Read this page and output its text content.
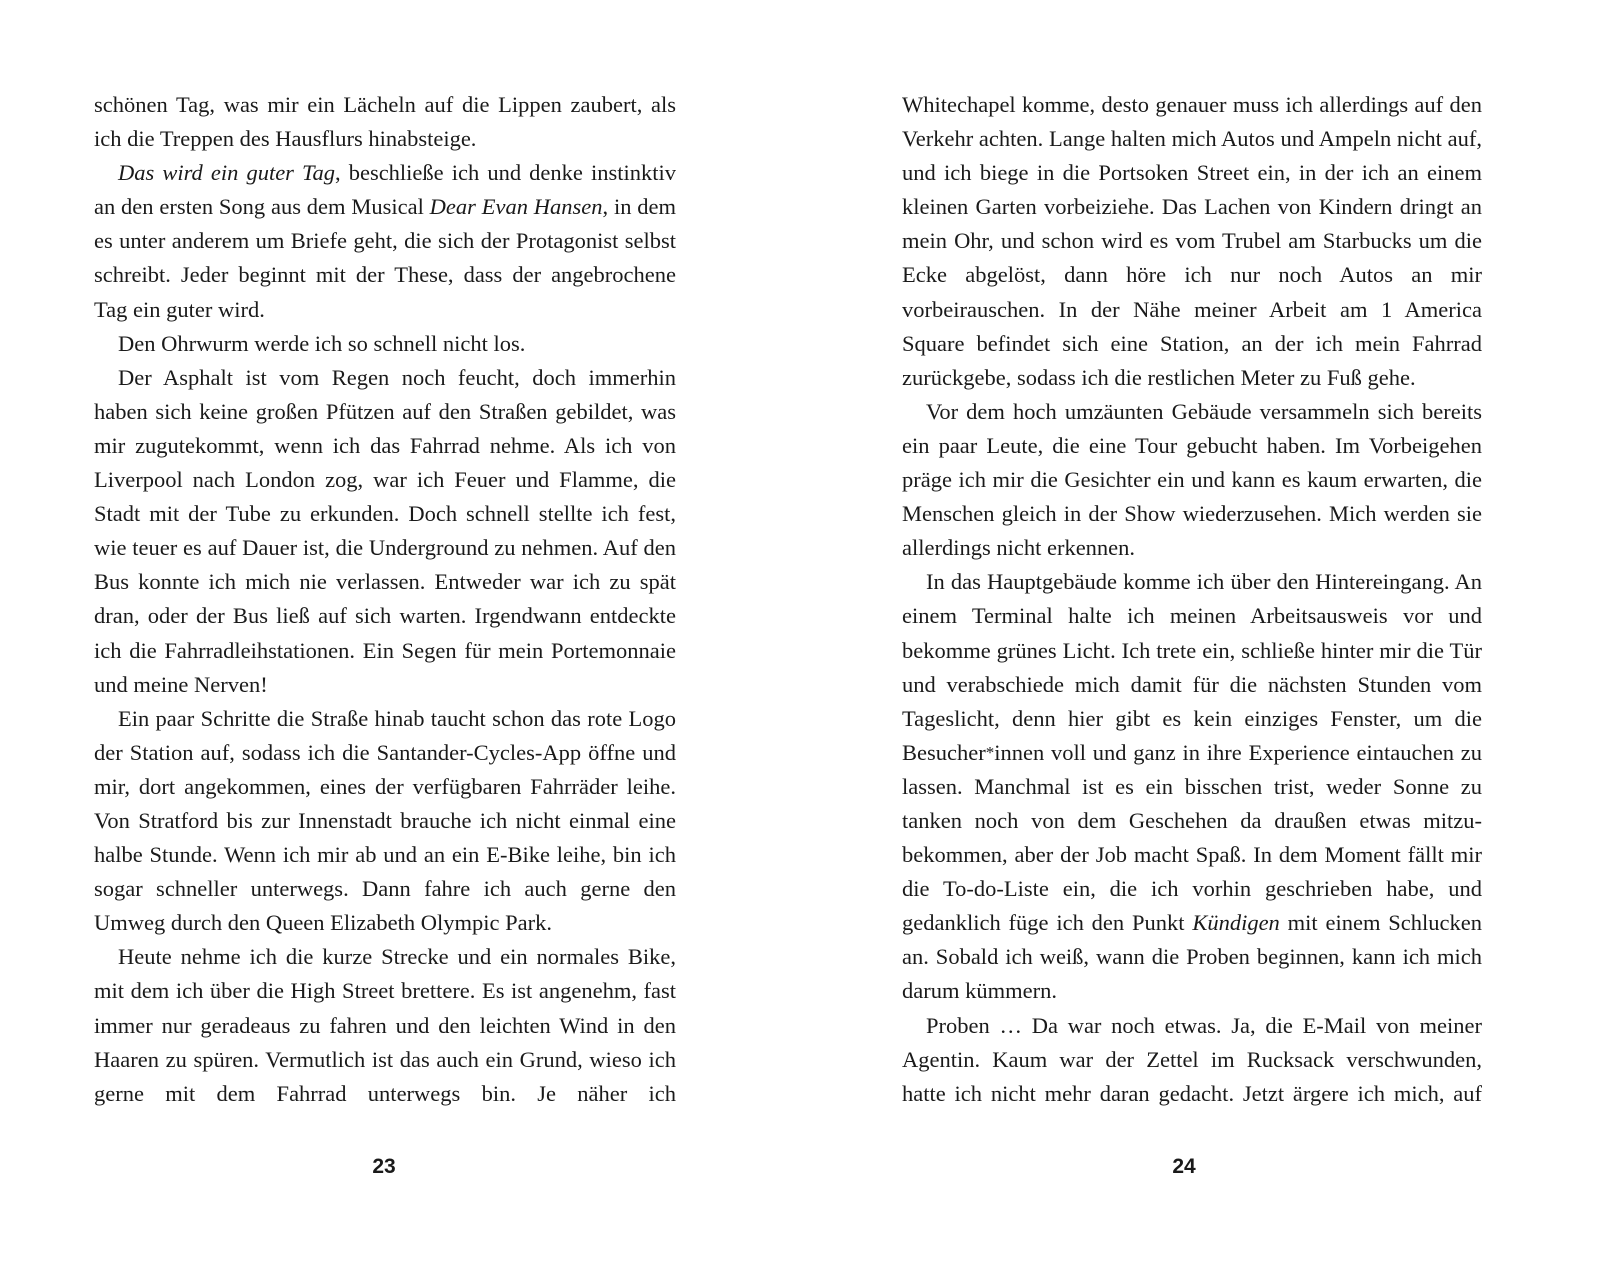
schönen Tag, was mir ein Lächeln auf die Lippen zaubert, als ich die Treppen des Hausflurs hinabsteige.

Das wird ein guter Tag, beschließe ich und denke instinktiv an den ersten Song aus dem Musical Dear Evan Hansen, in dem es unter anderem um Briefe geht, die sich der Protagonist selbst schreibt. Jeder beginnt mit der These, dass der angebrochene Tag ein guter wird.

Den Ohrwurm werde ich so schnell nicht los.

Der Asphalt ist vom Regen noch feucht, doch immerhin haben sich keine großen Pfützen auf den Straßen gebildet, was mir zugutekommt, wenn ich das Fahrrad nehme. Als ich von Liverpool nach London zog, war ich Feuer und Flamme, die Stadt mit der Tube zu erkunden. Doch schnell stellte ich fest, wie teuer es auf Dauer ist, die Underground zu nehmen. Auf den Bus konnte ich mich nie verlassen. Entweder war ich zu spät dran, oder der Bus ließ auf sich warten. Irgendwann entdeckte ich die Fahrradleihstationen. Ein Segen für mein Portemonnaie und meine Nerven!

Ein paar Schritte die Straße hinab taucht schon das rote Logo der Station auf, sodass ich die Santander-Cycles-App öffne und mir, dort angekommen, eines der verfügbaren Fahrräder leihe. Von Stratford bis zur Innenstadt brauche ich nicht einmal eine halbe Stunde. Wenn ich mir ab und an ein E-Bike leihe, bin ich sogar schneller unterwegs. Dann fahre ich auch gerne den Umweg durch den Queen Elizabeth Olympic Park.

Heute nehme ich die kurze Strecke und ein normales Bike, mit dem ich über die High Street brettere. Es ist angenehm, fast immer nur geradeaus zu fahren und den leichten Wind in den Haaren zu spüren. Vermutlich ist das auch ein Grund, wieso ich gerne mit dem Fahrrad unterwegs bin. Je näher ich

23

Whitechapel komme, desto genauer muss ich allerdings auf den Verkehr achten. Lange halten mich Autos und Ampeln nicht auf, und ich biege in die Portsoken Street ein, in der ich an einem kleinen Garten vorbeiziehe. Das Lachen von Kindern dringt an mein Ohr, und schon wird es vom Trubel am Starbucks um die Ecke abgelöst, dann höre ich nur noch Autos an mir vorbeirauschen. In der Nähe meiner Arbeit am 1 America Square befindet sich eine Station, an der ich mein Fahrrad zurückgebe, sodass ich die restlichen Meter zu Fuß gehe.

Vor dem hoch umzäunten Gebäude versammeln sich bereits ein paar Leute, die eine Tour gebucht haben. Im Vorbeigehen präge ich mir die Gesichter ein und kann es kaum erwarten, die Menschen gleich in der Show wiederzusehen. Mich werden sie allerdings nicht erkennen.

In das Hauptgebäude komme ich über den Hintereingang. An einem Terminal halte ich meinen Arbeitsausweis vor und bekomme grünes Licht. Ich trete ein, schließe hinter mir die Tür und verabschiede mich damit für die nächsten Stunden vom Tageslicht, denn hier gibt es kein einziges Fenster, um die Besucher*innen voll und ganz in ihre Experience eintauchen zu lassen. Manchmal ist es ein bisschen trist, weder Sonne zu tanken noch von dem Geschehen da draußen etwas mitzubekommen, aber der Job macht Spaß. In dem Moment fällt mir die To-do-Liste ein, die ich vorhin geschrieben habe, und gedanklich füge ich den Punkt Kündigen mit einem Schlucken an. Sobald ich weiß, wann die Proben beginnen, kann ich mich darum kümmern.

Proben … Da war noch etwas. Ja, die E-Mail von meiner Agentin. Kaum war der Zettel im Rucksack verschwunden, hatte ich nicht mehr daran gedacht. Jetzt ärgere ich mich, auf

24
